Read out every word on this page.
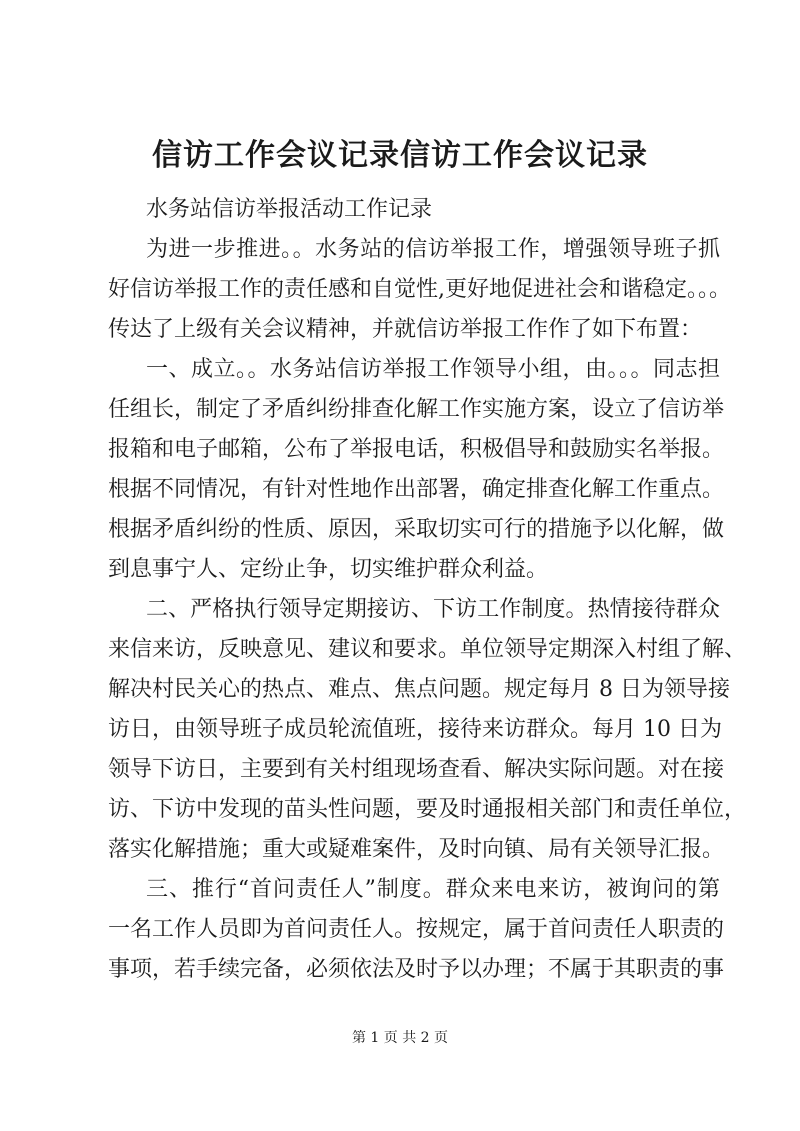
信访工作会议记录信访工作会议记录
水务站信访举报活动工作记录
为进一步推进。。水务站的信访举报工作，增强领导班子抓
好信访举报工作的责任感和自觉性,更好地促进社会和谐稳定。。。
传达了上级有关会议精神，并就信访举报工作作了如下布置：
一、成立。。水务站信访举报工作领导小组，由。。。同志担
任组长，制定了矛盾纠纷排查化解工作实施方案，设立了信访举
报箱和电子邮箱，公布了举报电话，积极倡导和鼓励实名举报。
根据不同情况，有针对性地作出部署，确定排查化解工作重点。
根据矛盾纠纷的性质、原因，采取切实可行的措施予以化解，做
到息事宁人、定纷止争，切实维护群众利益。
二、严格执行领导定期接访、下访工作制度。热情接待群众
来信来访，反映意见、建议和要求。单位领导定期深入村组了解、
解决村民关心的热点、难点、焦点问题。规定每月 8 日为领导接
访日，由领导班子成员轮流值班，接待来访群众。每月 10 日为
领导下访日，主要到有关村组现场查看、解决实际问题。对在接
访、下访中发现的苗头性问题，要及时通报相关部门和责任单位，
落实化解措施；重大或疑难案件，及时向镇、局有关领导汇报。
三、推行“首问责任人”制度。群众来电来访，被询问的第
一名工作人员即为首问责任人。按规定，属于首问责任人职责的
事项，若手续完备，必须依法及时予以办理；不属于其职责的事
第 1 页 共 2 页
